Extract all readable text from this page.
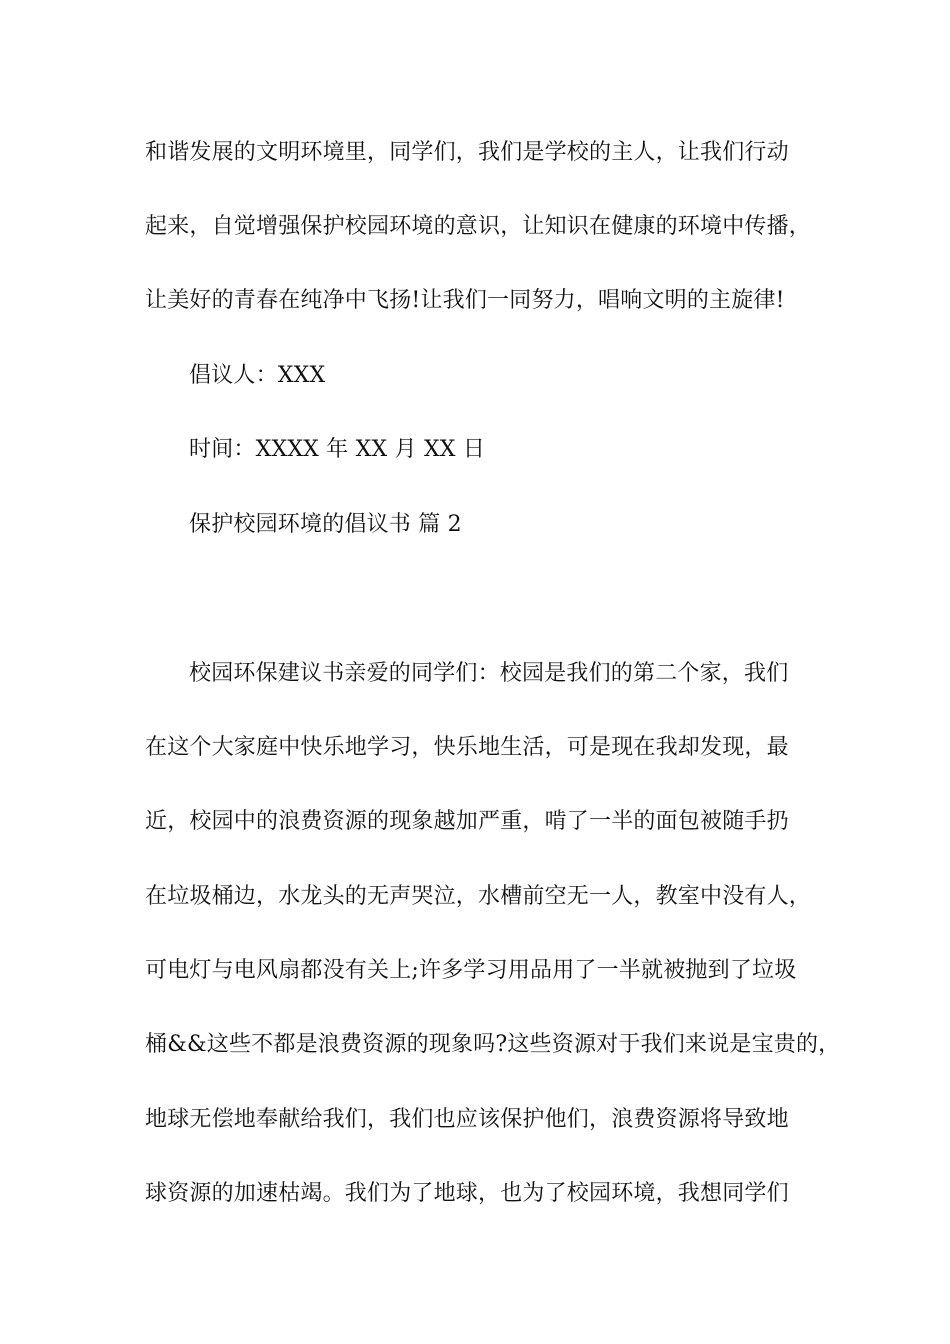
和谐发展的文明环境里，同学们，我们是学校的主人，让我们行动
起来，自觉增强保护校园环境的意识，让知识在健康的环境中传播，
让美好的青春在纯净中飞扬!让我们一同努力，唱响文明的主旋律!
倡议人：XXX
时间：XXXX 年 XX 月 XX 日
保护校园环境的倡议书 篇 2
校园环保建议书亲爱的同学们：校园是我们的第二个家，我们
在这个大家庭中快乐地学习，快乐地生活，可是现在我却发现，最
近，校园中的浪费资源的现象越加严重，啃了一半的面包被随手扔
在垃圾桶边，水龙头的无声哭泣，水槽前空无一人，教室中没有人，
可电灯与电风扇都没有关上;许多学习用品用了一半就被抛到了垃圾
桶&&这些不都是浪费资源的现象吗?这些资源对于我们来说是宝贵的，
地球无偿地奉献给我们，我们也应该保护他们，浪费资源将导致地
球资源的加速枯竭。我们为了地球，也为了校园环境，我想同学们
